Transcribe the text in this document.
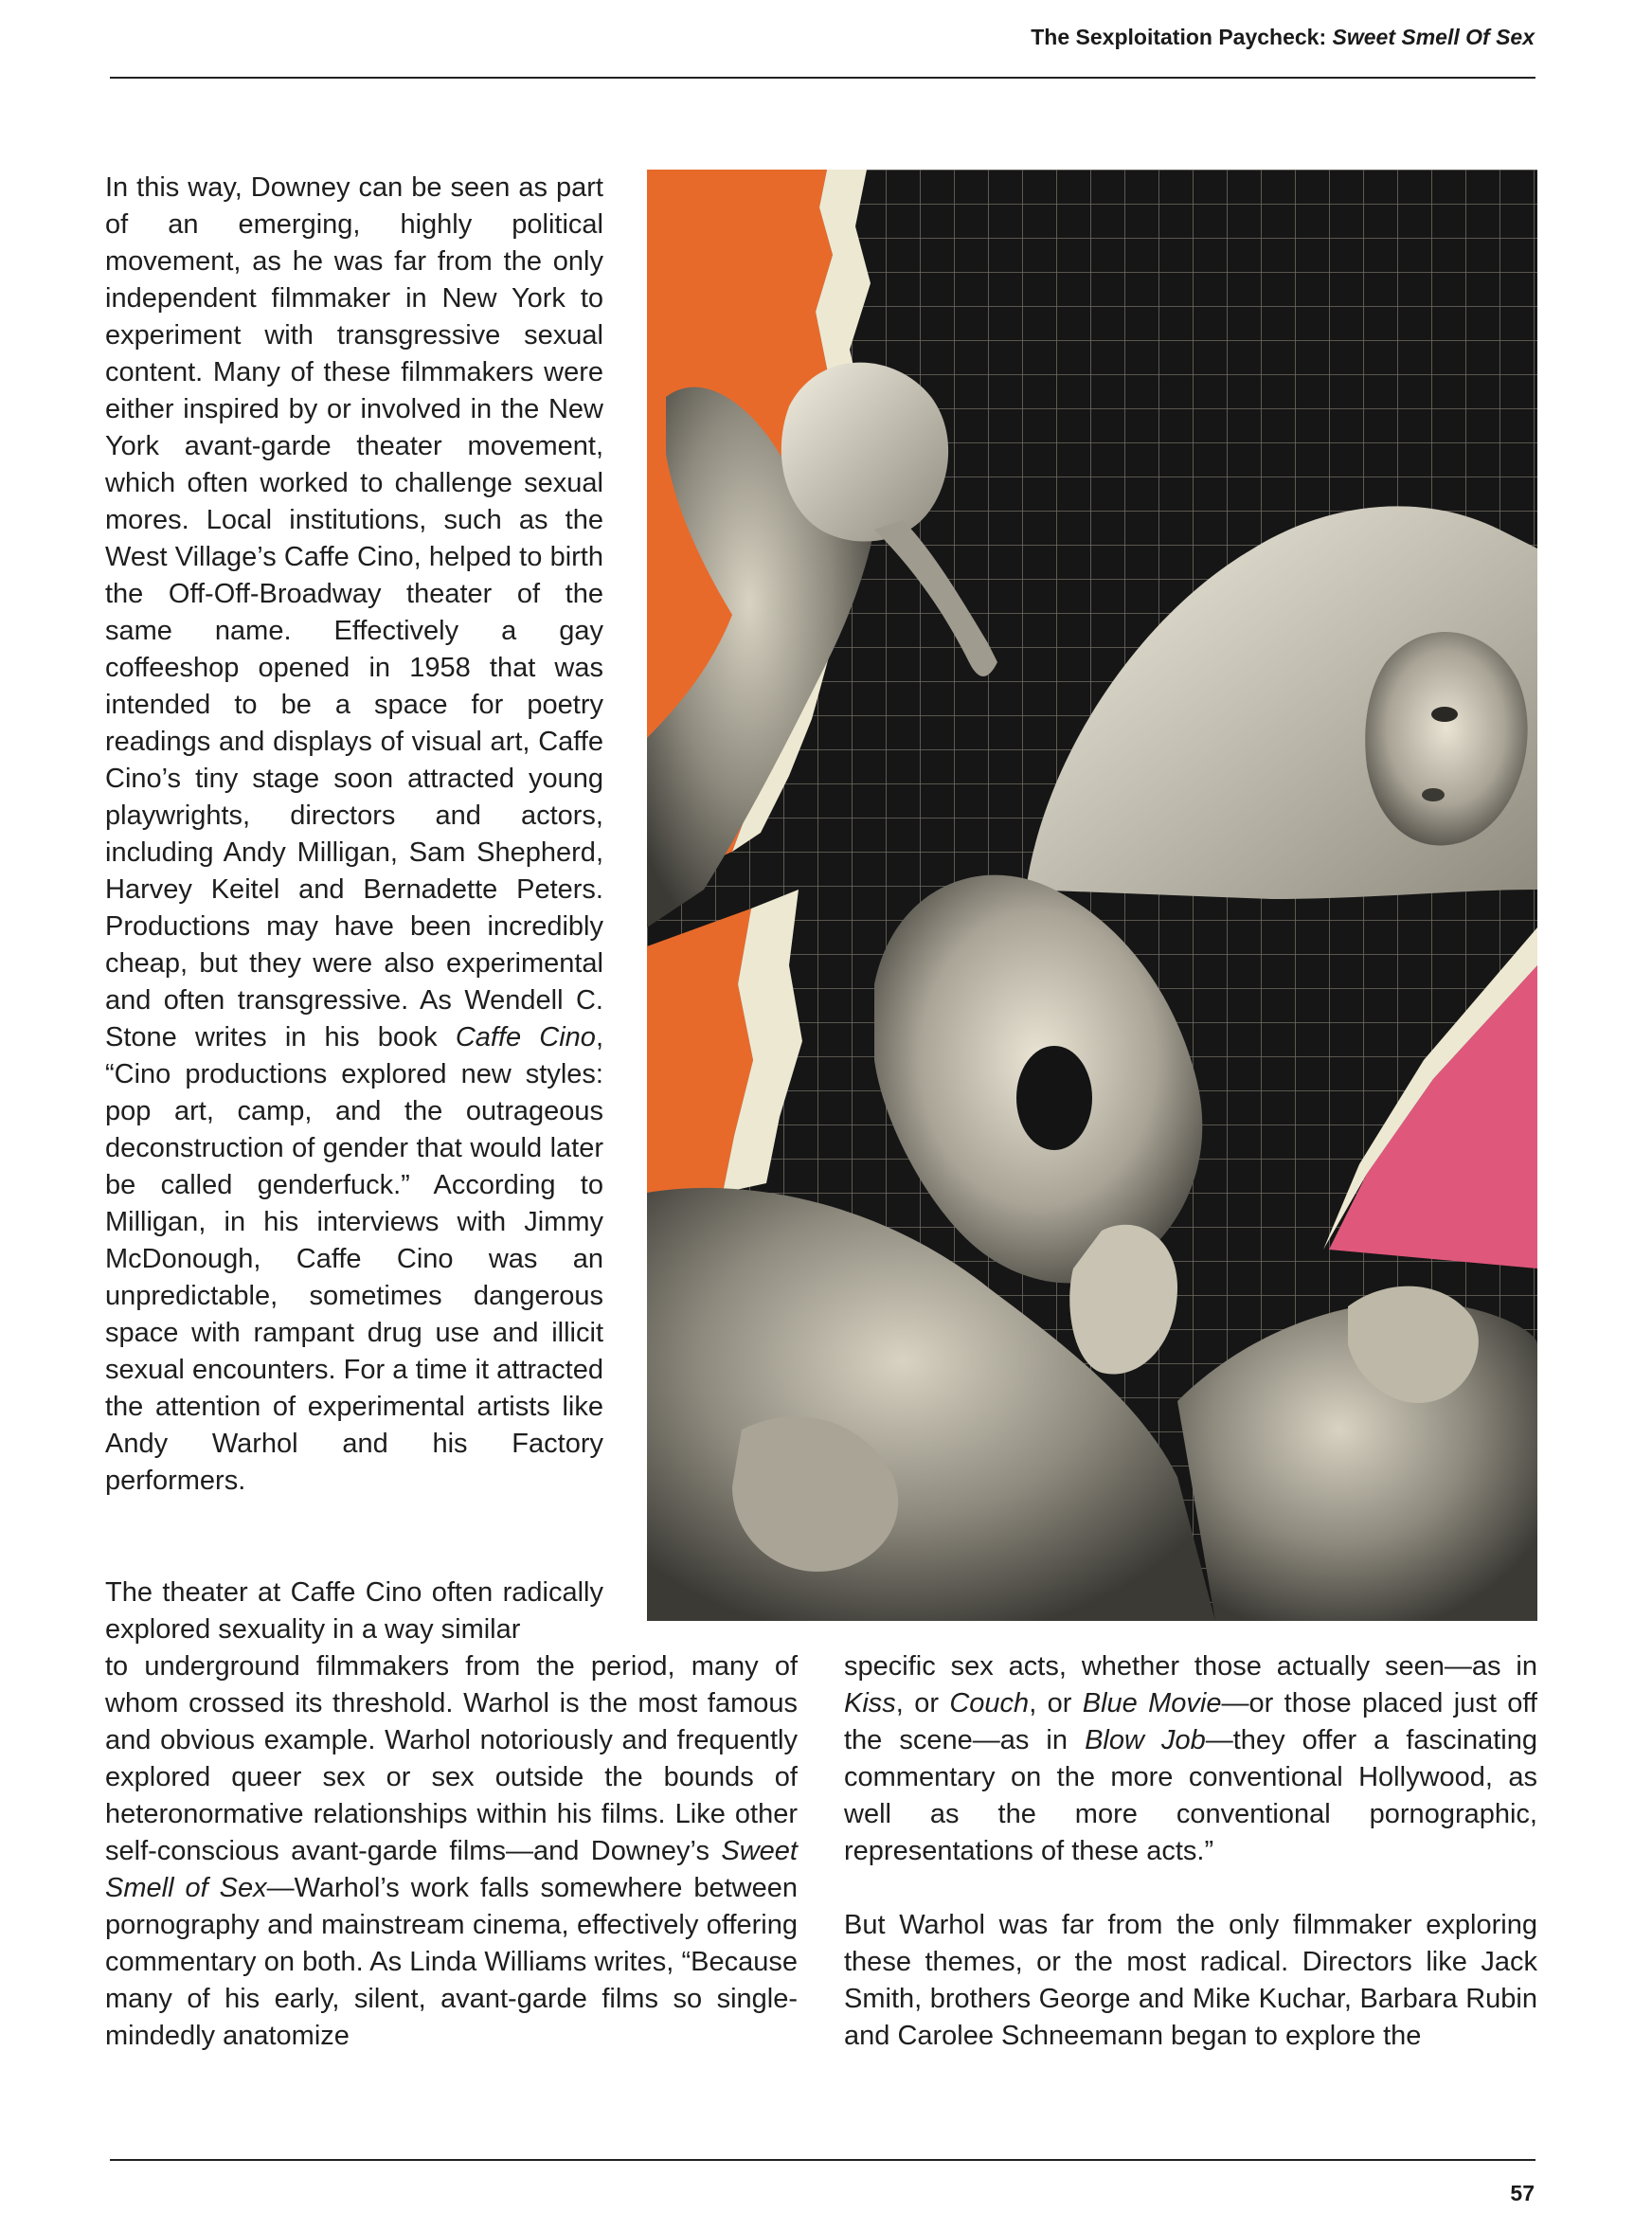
The Sexploitation Paycheck: Sweet Smell Of Sex

In this way, Downey can be seen as part of an emerging, highly political movement, as he was far from the only independent filmmaker in New York to experiment with transgressive sexual content. Many of these filmmakers were either inspired by or involved in the New York avant-garde theater movement, which often worked to challenge sexual mores. Local institutions, such as the West Village’s Caffe Cino, helped to birth the Off-Off-Broadway theater of the same name. Effectively a gay coffeeshop opened in 1958 that was intended to be a space for poetry readings and displays of visual art, Caffe Cino’s tiny stage soon attracted young playwrights, directors and actors, including Andy Milligan, Sam Shepherd, Harvey Keitel and Bernadette Peters. Productions may have been incredibly cheap, but they were also experimental and often transgressive. As Wendell C. Stone writes in his book Caffe Cino, “Cino productions explored new styles: pop art, camp, and the outrageous deconstruction of gender that would later be called genderfuck.” According to Milligan, in his interviews with Jimmy McDonough, Caffe Cino was an unpredictable, sometimes dangerous space with rampant drug use and illicit sexual encounters. For a time it attracted the attention of experimental artists like Andy Warhol and his Factory performers.

The theater at Caffe Cino often radically explored sexuality in a way similar

to underground filmmakers from the period, many of whom crossed its threshold. Warhol is the most famous and obvious example. Warhol notoriously and frequently explored queer sex or sex outside the bounds of heteronormative relationships within his films. Like other self-conscious avant-garde films—and Downey’s Sweet Smell of Sex—Warhol’s work falls somewhere between pornography and mainstream cinema, effectively offering commentary on both. As Linda Williams writes, “Because many of his early, silent, avant-garde films so single-mindedly anatomize

specific sex acts, whether those actually seen—as in Kiss, or Couch, or Blue Movie—or those placed just off the scene—as in Blow Job—they offer a fascinating commentary on the more conventional Hollywood, as well as the more conventional pornographic, representations of these acts.”

But Warhol was far from the only filmmaker exploring these themes, or the most radical. Directors like Jack Smith, brothers George and Mike Kuchar, Barbara Rubin and Carolee Schneemann began to explore the

57
